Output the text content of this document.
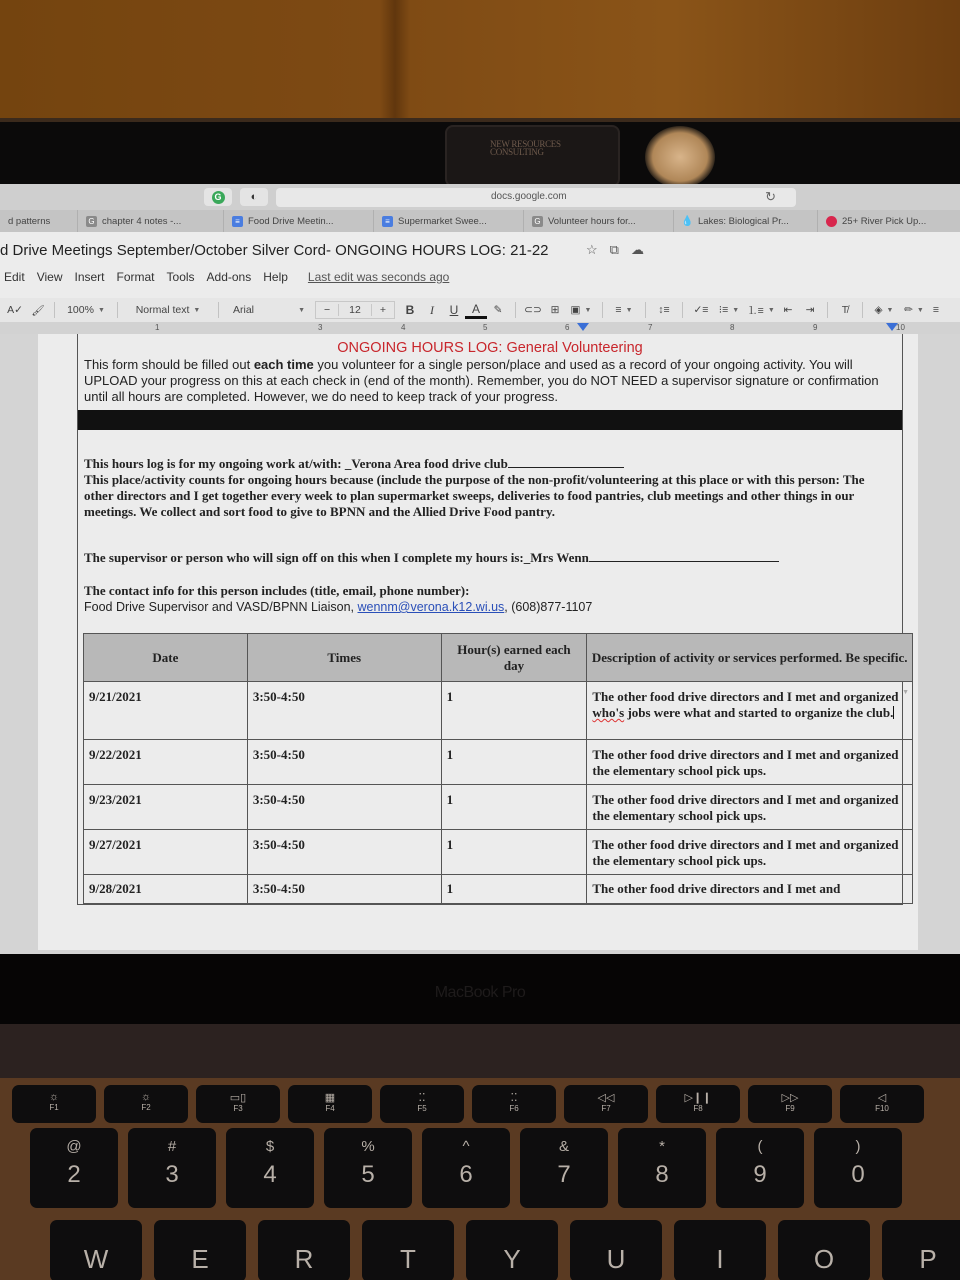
NEW RESOURCES CONSULTING
G	◐	docs.google.com	↻
d patterns	G chapter 4 notes -...	≡ Food Drive Meetin...	≡ Supermarket Swee...	G Volunteer hours for...	💧 Lakes: Biological Pr...	25+ River Pick Up...
d Drive Meetings September/October Silver Cord- ONGOING HOURS LOG: 21-22	☆ ⧉ ☁
Edit View Insert Format Tools Add-ons Help Last edit was seconds ago
A✓ 🖌	100% ▼	Normal text ▼	Arial	▼	−	12	+	B	I	U	A	✎	⊂⊃ ⊞	▣ ▼	≡ ▼	↕≡	✓≡ ⁝≡ ▼ ⒈≡ ▼ ⇤	⇥	T̸	◈ ▼	✏ ▼ ≡
1	3	4	5	6	7	8	9	10
ONGOING HOURS LOG: General Volunteering
This form should be filled out each time you volunteer for a single person/place and used as a record of your ongoing activity. You will UPLOAD your progress on this at each check in (end of the month). Remember, you do NOT NEED a supervisor signature or confirmation until all hours are completed. However, we do need to keep track of your progress.

This hours log is for my ongoing work at/with: _Verona Area food drive club

This place/activity counts for ongoing hours because (include the purpose of the non-profit/volunteering at this place or with this person: The other directors and I get together every week to plan supermarket sweeps, deliveries to food pantries, club meetings and other things in our meetings. We collect and sort food to give to BPNN and the Allied Drive Food pantry.

The supervisor or person who will sign off on this when I complete my hours is:_Mrs Wenn

The contact info for this person includes (title, email, phone number):

Food Drive Supervisor and VASD/BPNN Liaison, wennm@verona.k12.wi.us, (608)877-1107

Date	Times	Hour(s) earned each day	Description of activity or services performed. Be specific.
9/21/2021	3:50-4:50	1	The other food drive directors and I met and organized who's jobs were what and started to organize the club.
▼

9/22/2021	3:50-4:50	1	The other food drive directors and I met and organized the elementary school pick ups.
9/23/2021	3:50-4:50	1	The other food drive directors and I met and organized the elementary school pick ups.
9/27/2021	3:50-4:50	1	The other food drive directors and I met and organized the elementary school pick ups.
9/28/2021	3:50-4:50	1	The other food drive directors and I met and
MacBook Pro
☼
F1
☼
F2
▭▯
F3
▦
F4
⁚⁚
F5
⁚⁚
F6
◁◁
F7
▷❙❙
F8
▷▷
F9
◁
F10
@
2
#
3
$
4
%
5
^
6
&
7
*
8
(
9
)
0
W	E	R	T	Y	U	I	O	P
